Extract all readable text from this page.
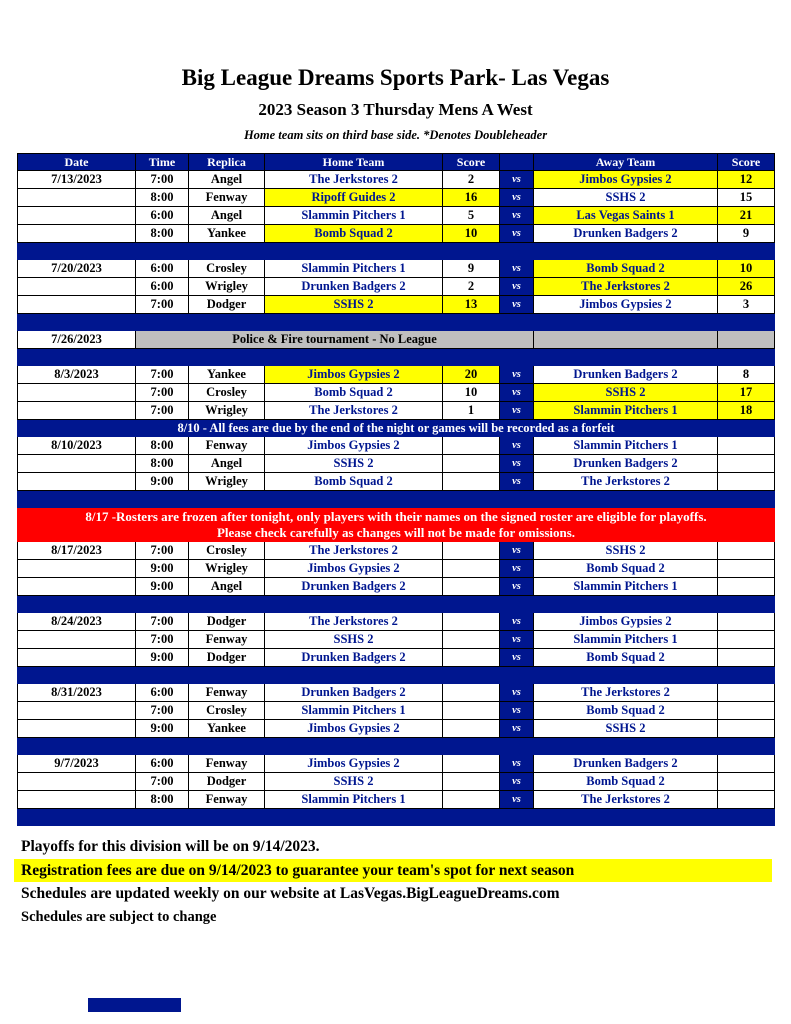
Big League Dreams Sports Park- Las Vegas
2023 Season 3 Thursday Mens A West
Home team sits on third base side. *Denotes Doubleheader
Date	Time	Replica	Home Team	Score		Away Team	Score
7/13/2023	7:00	Angel	The Jerkstores 2	2	vs	Jimbos Gypsies 2	12
	8:00	Fenway	Ripoff Guides 2	16	vs	SSHS 2	15
	6:00	Angel	Slammin Pitchers 1	5	vs	Las Vegas Saints 1	21
	8:00	Yankee	Bomb Squad 2	10	vs	Drunken Badgers 2	9

7/20/2023	6:00	Crosley	Slammin Pitchers 1	9	vs	Bomb Squad 2	10
	6:00	Wrigley	Drunken Badgers 2	2	vs	The Jerkstores 2	26
	7:00	Dodger	SSHS 2	13	vs	Jimbos Gypsies 2	3

7/26/2023	Police & Fire tournament - No League						

8/3/2023	7:00	Yankee	Jimbos Gypsies 2	20	vs	Drunken Badgers 2	8
	7:00	Crosley	Bomb Squad 2	10	vs	SSHS 2	17
	7:00	Wrigley	The Jerkstores 2	1	vs	Slammin Pitchers 1	18
8/10 - All fees are due by the end of the night or games will be recorded as a forfeit							
8/10/2023	8:00	Fenway	Jimbos Gypsies 2		vs	Slammin Pitchers 1	
	8:00	Angel	SSHS 2		vs	Drunken Badgers 2	
	9:00	Wrigley	Bomb Squad 2		vs	The Jerkstores 2	

8/17 -Rosters are frozen after tonight, only players with their names on the signed roster are eligible for playoffs.
Please check carefully as changes will not be made for omissions.							

8/17/2023	7:00	Crosley	The Jerkstores 2		vs	SSHS 2	
	9:00	Wrigley	Jimbos Gypsies 2		vs	Bomb Squad 2	
	9:00	Angel	Drunken Badgers 2		vs	Slammin Pitchers 1	

8/24/2023	7:00	Dodger	The Jerkstores 2		vs	Jimbos Gypsies 2	
	7:00	Fenway	SSHS 2		vs	Slammin Pitchers 1	
	9:00	Dodger	Drunken Badgers 2		vs	Bomb Squad 2	

8/31/2023	6:00	Fenway	Drunken Badgers 2		vs	The Jerkstores 2	
	7:00	Crosley	Slammin Pitchers 1		vs	Bomb Squad 2	
	9:00	Yankee	Jimbos Gypsies 2		vs	SSHS 2	

9/7/2023	6:00	Fenway	Jimbos Gypsies 2		vs	Drunken Badgers 2	
	7:00	Dodger	SSHS 2		vs	Bomb Squad 2	
	8:00	Fenway	Slammin Pitchers 1		vs	The Jerkstores 2	

Playoffs for this division will be on 9/14/2023.
Registration fees are due on 9/14/2023 to guarantee your team's spot for next season
Schedules are updated weekly on our website at LasVegas.BigLeagueDreams.com
Schedules are subject to change
